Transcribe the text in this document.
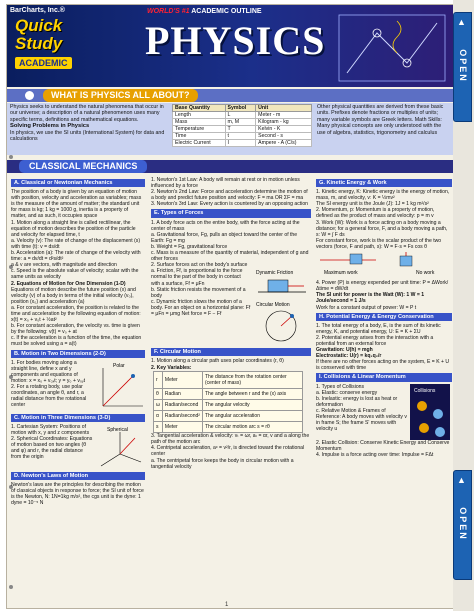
BarCharts, Inc.®
Quick
Study
ACADEMIC
WORLD'S #1 ACADEMIC OUTLINE
PHYSICS
WHAT IS PHYSICS ALL ABOUT?
Physics seeks to understand the natural phenomena that occur in our universe; a description of a natural phenomenon uses many specific terms, definitions and mathematical equations.
Solving Problems in Physics
In physics, we use the SI units (International System) for data and calculations
Base Quantity	Symbol	Unit
Length	L	Meter - m
Mass	m, M	Kilogram - kg
Temperature	T	Kelvin - K
Time	t	Second - s
Electric Current	I	Ampere - A (C/s)
Other physical quantities are derived from these basic units. Prefixes denote fractions or multiples of units; many variable symbols are Greek letters. Math Skills: Many physical concepts are only understood with the use of algebra, statistics, trigonometry and calculus
CLASSICAL MECHANICS
A. Classical or Newtonian Mechanics
The position of a body is given by an equation of motion with position, velocity and acceleration as variables; mass is the measure of the amount of matter; the standard unit for mass is kg; 1 kg = 1000 g, inertia is a property of matter, and as such, it occupies space
1. Motion along a straight line is called rectilinear, the equation of motion describes the position of the particle and velocity for elapsed time, t
a. Velocity (v): The rate of change of the displacement (s) with time (t): v = ds/dt
b. Acceleration (a): The rate of change of the velocity with time: a = dv/dt = d²s/dt²
a & v are vectors, with magnitude and direction
c. Speed is the absolute value of velocity; scalar with the same units as velocity
2. Equations of Motion for One Dimension (1-D)
Equations of motion describe the future position (x) and velocity (v) of a body in terms of the initial velocity (v₀), position (x₀) and acceleration (a)
a. For constant acceleration, the position is related to the time and acceleration by the following equation of motion: x(t) = x₀ + v₀t + ½at²
b. For constant acceleration, the velocity vs. time is given by the following: v(t) = v₀ + at
c. If the acceleration is a function of the time, the equation must be solved using a = a(t)
B. Motion in Two Dimensions (2-D)
1. For bodies moving along a straight line, define x and y components and equations of motion: x = x₀ + v₀ₓt; y = y₀ + v₀ᵧt
2. For a rotating body, use polar coordinates, an angle θ, and r, a radial distance from the rotational center
Polar
C. Motion in Three Dimensions (3-D)
1. Cartesian System: Positions of motion with x, y and z components
2. Spherical Coordinates: Equations of motion based on two angles (θ and φ) and r, the radial distance from the origin
Spherical
D. Newton's Laws of Motion
Newton's laws are the principles for describing the motion of classical objects in response to force; the SI unit of force is the Newton, N: 1N=1kg m/s², the cgs unit is the dyne: 1 dyne = 10⁻⁵ N
1. Newton's 1st Law: A body will remain at rest or in motion unless influenced by a force
2. Newton's 2nd Law: Force and acceleration determine the motion of a body and predict future position and velocity: F = ma OR ΣF = ma
3. Newton's 3rd Law: Every action is countered by an opposing action
E. Types of Forces
1. A body force acts on the entire body, with the force acting at the center of mass
a. Gravitational force, Fg, pulls an object toward the center of the Earth: Fg = mg
b. Weight = Fg, gravitational force
c. Mass is a measure of the quantity of material, independent of g and other forces
2. Surface forces act on the body's surface
a. Friction, Ff, is proportional to the force normal to the part of the body in contact with a surface, Ff = μFn
b. Static friction resists the movement of a body
c. Dynamic friction slows the motion of a body. For an object on a horizontal plane: Ff = μFn = μmg Net force = F − Ff
Dynamic Friction
Circular Motion
F. Circular Motion
1. Motion along a circular path uses polar coordinates (r, θ)
2. Key Variables:
r	Meter	The distance from the rotation center (center of mass)
θ	Radian	The angle between r and the (x) axis
ω	Radian/second	The angular velocity
α	Radian/second²	The angular acceleration
s	Meter	The circular motion arc s = rθ
3. Tangential acceleration & velocity: vₜ = ωr, aₜ = αr, v and a along the path of the motion arc
4. Centripetal acceleration, aᶜ = v²/r, is directed toward the rotational center
a. The centripetal force keeps the body in circular motion with a tangential velocity
G. Kinetic Energy & Work
1. Kinetic energy, K: Kinetic energy is the energy of motion, mass, m, and velocity, v: K = ½mv²
The SI energy unit is the Joule (J): 1J = 1 kg m²/s²
2. Momentum, p: Momentum is a property of motion, defined as the product of mass and velocity: p = m v
3. Work (W): Work is a force acting on a body moving a distance; for a general force, F, and a body moving a path, s: W = ∫ F ds
For constant force, work is the scalar product of the two vectors (force, F and path, s): W = F·s = Fs cos θ
Maximum work	No work
4. Power (P) is energy expended per unit time: P = ΔWork/Δtime = dW/dt
The SI unit for power is the Watt (W): 1 W = 1 Joule/second = 1 J/s
Work for a constant output of power: W = P t
H. Potential Energy & Energy Conservation
1. The total energy of a body, E, is the sum of its kinetic energy, K, and potential energy, U: E = K + ΣU
2. Potential energy arises from the interaction with a potential from an external force
Gravitation: U(h) = mgh
Electrostatic: U(r) = kq₁q₂/r
If there are no other forces acting on the system, E = K + U is conserved with time
I. Collisions & Linear Momentum
1. Types of Collisions
a. Elastic: conserve energy
b. Inelastic: energy is lost as heat or deformation
c. Relative Motion & Frames of Reference: A body moves with velocity v in frame S; the frame S' moves with velocity u
Collisions
2. Elastic Collision: Conserve Kinetic Energy and Conserve Momentum
4. Impulse is a force acting over time: Impulse = FΔt
1
▲
OPEN
▲
OPEN
